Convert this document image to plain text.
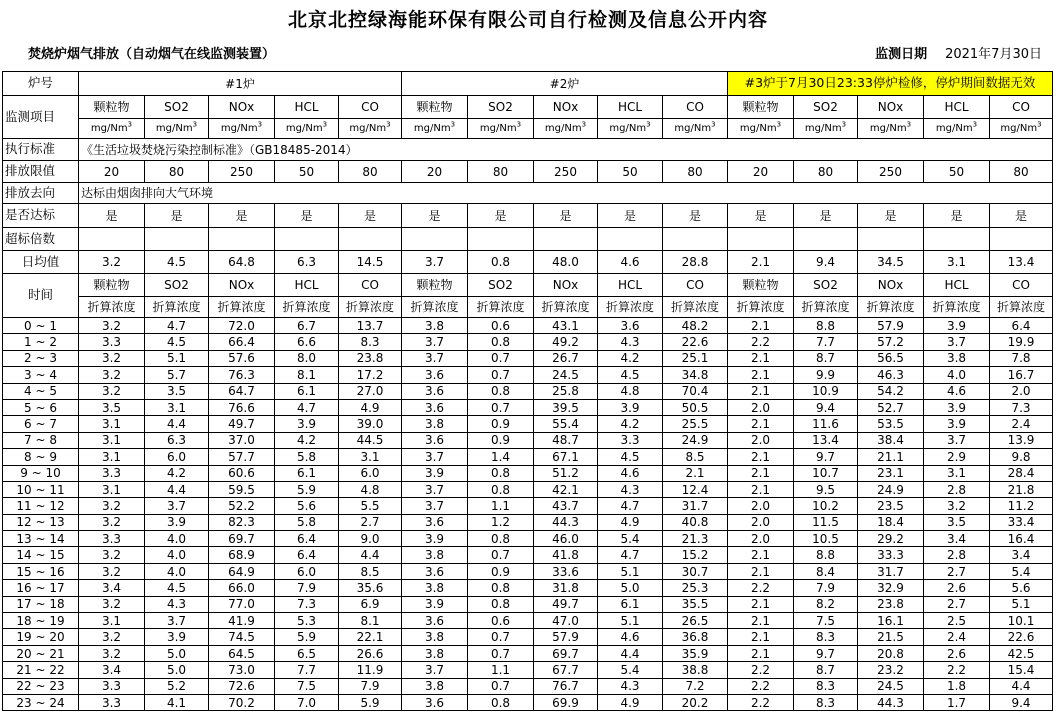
北京北控绿海能环保有限公司自行检测及信息公开内容
焚烧炉烟气排放（自动烟气在线监测装置）	监测日期 2021年7月30日
炉号	#1炉					#2炉					#3炉于7月30日23:33停炉检修，停炉期间数据无效				
监测项目	颗粒物	SO2	NOx	HCL	CO	颗粒物	SO2	NOx	HCL	CO	颗粒物	SO2	NOx	HCL	CO
	mg/Nm$^3$	mg/Nm$^3$	mg/Nm$^3$	mg/Nm$^3$	mg/Nm$^3$	mg/Nm$^3$	mg/Nm$^3$	mg/Nm$^3$	mg/Nm$^3$	mg/Nm$^3$	mg/Nm$^3$	mg/Nm$^3$	mg/Nm$^3$	mg/Nm$^3$	mg/Nm$^3$
执行标准	《生活垃圾焚烧污染控制标准》（GB18485-2014）														
排放限值	20	80	250	50	80	20	80	250	50	80	20	80	250	50	80
排放去向	达标由烟囱排向大气环境														
是否达标	是	是	是	是	是	是	是	是	是	是	是	是	是	是	是
超标倍数															
日均值	3.2	4.5	64.8	6.3	14.5	3.7	0.8	48.0	4.6	28.8	2.1	9.4	34.5	3.1	13.4
时间	颗粒物	SO2	NOx	HCL	CO	颗粒物	SO2	NOx	HCL	CO	颗粒物	SO2	NOx	HCL	CO
	折算浓度	折算浓度	折算浓度	折算浓度	折算浓度	折算浓度	折算浓度	折算浓度	折算浓度	折算浓度	折算浓度	折算浓度	折算浓度	折算浓度	折算浓度
0 ~ 1	3.2	4.7	72.0	6.7	13.7	3.8	0.6	43.1	3.6	48.2	2.1	8.8	57.9	3.9	6.4
1 ~ 2	3.3	4.5	66.4	6.6	8.3	3.7	0.8	49.2	4.3	22.6	2.2	7.7	57.2	3.7	19.9
2 ~ 3	3.2	5.1	57.6	8.0	23.8	3.7	0.7	26.7	4.2	25.1	2.1	8.7	56.5	3.8	7.8
3 ~ 4	3.2	5.7	76.3	8.1	17.2	3.6	0.7	24.5	4.5	34.8	2.1	9.9	46.3	4.0	16.7
4 ~ 5	3.2	3.5	64.7	6.1	27.0	3.6	0.8	25.8	4.8	70.4	2.1	10.9	54.2	4.6	2.0
5 ~ 6	3.5	3.1	76.6	4.7	4.9	3.6	0.7	39.5	3.9	50.5	2.0	9.4	52.7	3.9	7.3
6 ~ 7	3.1	4.4	49.7	3.9	39.0	3.8	0.9	55.4	4.2	25.5	2.1	11.6	53.5	3.9	2.4
7 ~ 8	3.1	6.3	37.0	4.2	44.5	3.6	0.9	48.7	3.3	24.9	2.0	13.4	38.4	3.7	13.9
8 ~ 9	3.1	6.0	57.7	5.8	3.1	3.7	1.4	67.1	4.5	8.5	2.1	9.7	21.1	2.9	9.8
9 ~ 10	3.3	4.2	60.6	6.1	6.0	3.9	0.8	51.2	4.6	2.1	2.1	10.7	23.1	3.1	28.4
10 ~ 11	3.1	4.4	59.5	5.9	4.8	3.7	0.8	42.1	4.3	12.4	2.1	9.5	24.9	2.8	21.8
11 ~ 12	3.2	3.7	52.2	5.6	5.5	3.7	1.1	43.7	4.7	31.7	2.0	10.2	23.5	3.2	11.2
12 ~ 13	3.2	3.9	82.3	5.8	2.7	3.6	1.2	44.3	4.9	40.8	2.0	11.5	18.4	3.5	33.4
13 ~ 14	3.3	4.0	69.7	6.4	9.0	3.9	0.8	46.0	5.4	21.3	2.0	10.5	29.2	3.4	16.4
14 ~ 15	3.2	4.0	68.9	6.4	4.4	3.8	0.7	41.8	4.7	15.2	2.1	8.8	33.3	2.8	3.4
15 ~ 16	3.2	4.0	64.9	6.0	8.5	3.6	0.9	33.6	5.1	30.7	2.1	8.4	31.7	2.7	5.4
16 ~ 17	3.4	4.5	66.0	7.9	35.6	3.8	0.8	31.8	5.0	25.3	2.2	7.9	32.9	2.6	5.6
17 ~ 18	3.2	4.3	77.0	7.3	6.9	3.9	0.8	49.7	6.1	35.5	2.1	8.2	23.8	2.7	5.1
18 ~ 19	3.1	3.7	41.9	5.3	8.1	3.6	0.6	47.0	5.1	26.5	2.1	7.5	16.1	2.5	10.1
19 ~ 20	3.2	3.9	74.5	5.9	22.1	3.8	0.7	57.9	4.6	36.8	2.1	8.3	21.5	2.4	22.6
20 ~ 21	3.2	5.0	64.5	6.5	26.6	3.8	0.7	69.7	4.4	35.9	2.1	9.7	20.8	2.6	42.5
21 ~ 22	3.4	5.0	73.0	7.7	11.9	3.7	1.1	67.7	5.4	38.8	2.2	8.7	23.2	2.2	15.4
22 ~ 23	3.3	5.2	72.6	7.5	7.9	3.8	0.7	76.7	4.3	7.2	2.2	8.3	24.5	1.8	4.4
23 ~ 24	3.3	4.1	70.2	7.0	5.9	3.6	0.8	69.9	4.9	20.2	2.2	8.3	44.3	1.7	9.4
